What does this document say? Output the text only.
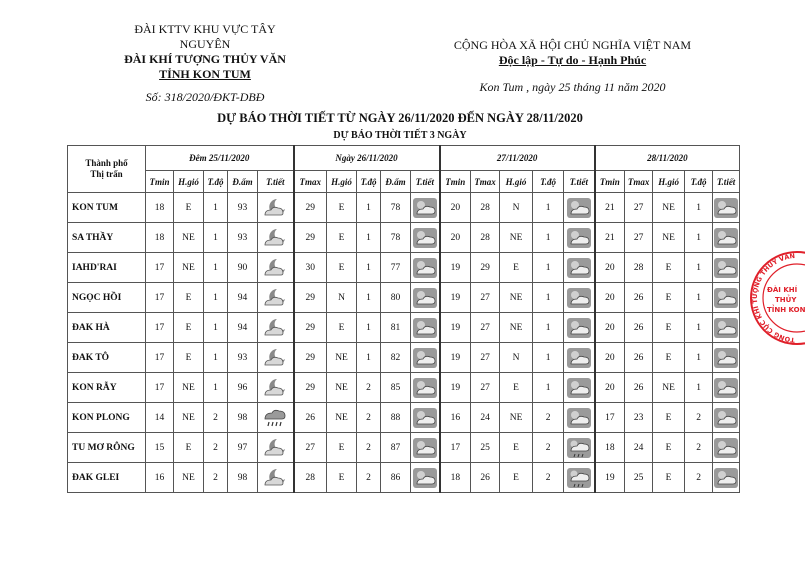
ĐÀI KTTV KHU VỰC TÂY NGUYÊN
ĐÀI KHÍ TƯỢNG THỦY VĂN
TỈNH KON TUM
Số: 318/2020/ĐKT-DBĐ
CỘNG HÒA XÃ HỘI CHỦ NGHĨA VIỆT NAM
Độc lập - Tự do - Hạnh Phúc
Kon Tum , ngày 25 tháng 11 năm 2020
DỰ BÁO THỜI TIẾT TỪ NGÀY 26/11/2020 ĐẾN NGÀY 28/11/2020
DỰ BÁO THỜI TIẾT 3 NGÀY
Thành phố
Thị trấn	Đêm 25/11/2020					Ngày 26/11/2020					27/11/2020					28/11/2020				
	Tmin	H.gió	T.độ	Đ.ẩm	T.tiết	Tmax	H.gió	T.độ	Đ.ẩm	T.tiết	Tmin	Tmax	H.gió	T.độ	T.tiết	Tmin	Tmax	H.gió	T.độ	T.tiết
KON TUM	18	E	1	93		29	E	1	78		20	28	N	1		21	27	NE	1	

SA THẦY	18	NE	1	93		29	E	1	78		20	28	NE	1		21	27	NE	1	

IAHD'RAI	17	NE	1	90		30	E	1	77		19	29	E	1		20	28	E	1	

NGỌC HỒI	17	E	1	94		29	N	1	80		19	27	NE	1		20	26	E	1	

ĐAK HÀ	17	E	1	94		29	E	1	81		19	27	NE	1		20	26	E	1	

ĐAK TÔ	17	E	1	93		29	NE	1	82		19	27	N	1		20	26	E	1	

KON RẪY	17	NE	1	96		29	NE	2	85		19	27	E	1		20	26	NE	1	

KON PLONG	14	NE	2	98		26	NE	2	88		16	24	NE	2		17	23	E	2	

TU MƠ RÔNG	15	E	2	97		27	E	2	87		17	25	E	2		18	24	E	2	

ĐAK GLEI	16	NE	2	98		28	E	2	86		18	26	E	2		19	25	E	2	
TỔNG CỤC KHÍ TƯỢNG THỦY VĂN
ĐÀI KHÍ
THỦY
TỈNH KON
